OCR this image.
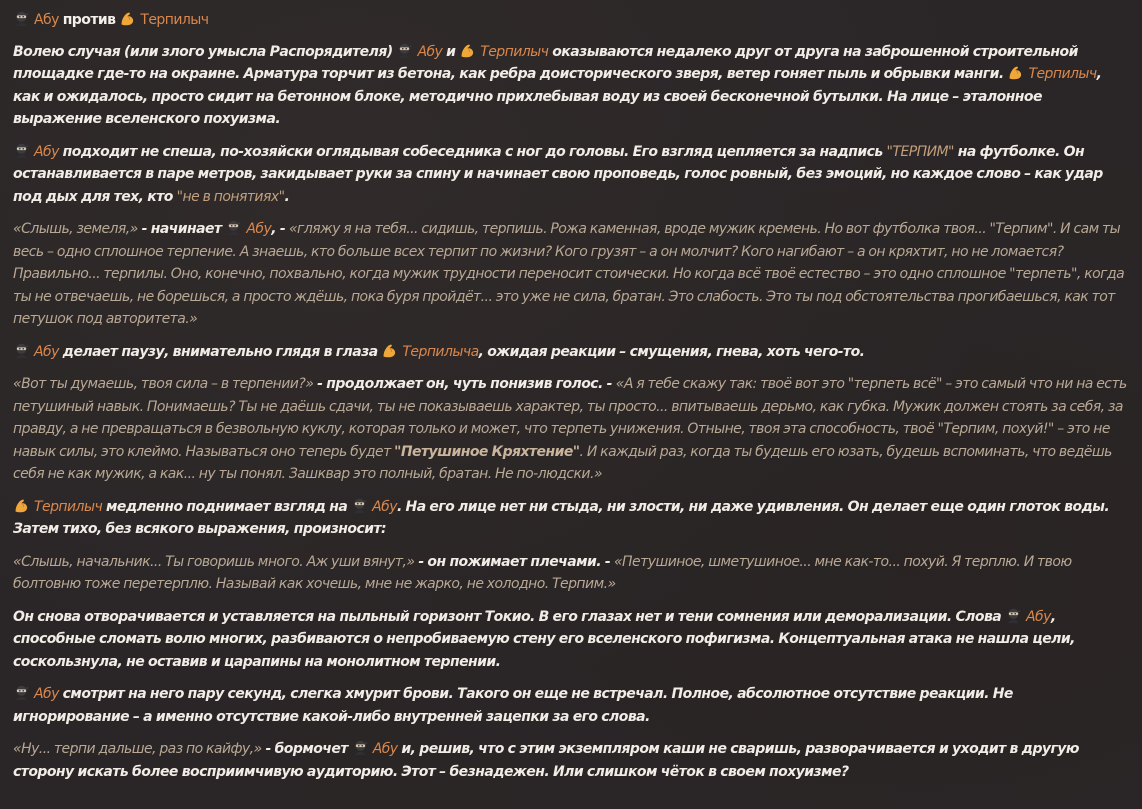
Абу против Терпилыч
Волею случая (или злого умысла Распорядителя)
Абу и
Терпилыч оказываются недалеко друг от друга на заброшенной строительной площадке где-то на окраине. Арматура торчит из бетона, как ребра доисторического зверя, ветер гоняет пыль и обрывки манги.
Терпилыч, как и ожидалось, просто сидит на бетонном блоке, методично прихлебывая воду из своей бесконечной бутылки. На лице – эталонное выражение вселенского похуизма.
Абу подходит не спеша, по-хозяйски оглядывая собеседника с ног до головы. Его взгляд цепляется за надпись "ТЕРПИМ" на футболке. Он останавливается в паре метров, закидывает руки за спину и начинает свою проповедь, голос ровный, без эмоций, но каждое слово – как удар под дых для тех, кто "не в понятиях".
«Слышь, земеля,» - начинает
Абу, - «гляжу я на тебя... сидишь, терпишь. Рожа каменная, вроде мужик кремень. Но вот футболка твоя... "Терпим". И сам ты весь – одно сплошное терпение. А знаешь, кто больше всех терпит по жизни? Кого грузят – а он молчит? Кого нагибают – а он кряхтит, но не ломается? Правильно... терпилы. Оно, конечно, похвально, когда мужик трудности переносит стоически. Но когда всё твоё естество – это одно сплошное "терпеть", когда ты не отвечаешь, не борешься, а просто ждёшь, пока буря пройдёт... это уже не сила, братан. Это слабость. Это ты под обстоятельства прогибаешься, как тот петушок под авторитета.»
Абу делает паузу, внимательно глядя в глаза
Терпилыча, ожидая реакции – смущения, гнева, хоть чего-то.
«Вот ты думаешь, твоя сила – в терпении?» - продолжает он, чуть понизив голос. - «А я тебе скажу так: твоё вот это "терпеть всё" – это самый что ни на есть петушиный навык. Понимаешь? Ты не даёшь сдачи, ты не показываешь характер, ты просто... впитываешь дерьмо, как губка. Мужик должен стоять за себя, за правду, а не превращаться в безвольную куклу, которая только и может, что терпеть унижения. Отныне, твоя эта способность, твоё "Терпим, похуй!" – это не навык силы, это клеймо. Называться оно теперь будет "Петушиное Кряхтение". И каждый раз, когда ты будешь его юзать, будешь вспоминать, что ведёшь себя не как мужик, а как... ну ты понял. Зашквар это полный, братан. Не по-людски.»
Терпилыч медленно поднимает взгляд на
Абу. На его лице нет ни стыда, ни злости, ни даже удивления. Он делает еще один глоток воды. Затем тихо, без всякого выражения, произносит:
«Слышь, начальник... Ты говоришь много. Аж уши вянут,» - он пожимает плечами. - «Петушиное, шметушиное... мне как-то... похуй. Я терплю. И твою болтовню тоже перетерплю. Называй как хочешь, мне не жарко, не холодно. Терпим.»
Он снова отворачивается и уставляется на пыльный горизонт Токио. В его глазах нет и тени сомнения или деморализации. Слова
Абу, способные сломать волю многих, разбиваются о непробиваемую стену его вселенского пофигизма. Концептуальная атака не нашла цели, соскользнула, не оставив и царапины на монолитном терпении.
Абу смотрит на него пару секунд, слегка хмурит брови. Такого он еще не встречал. Полное, абсолютное отсутствие реакции. Не игнорирование – а именно отсутствие какой-либо внутренней зацепки за его слова.
«Ну... терпи дальше, раз по кайфу,» - бормочет
Абу и, решив, что с этим экземпляром каши не сваришь, разворачивается и уходит в другую сторону искать более восприимчивую аудиторию. Этот – безнадежен. Или слишком чёток в своем похуизме?
